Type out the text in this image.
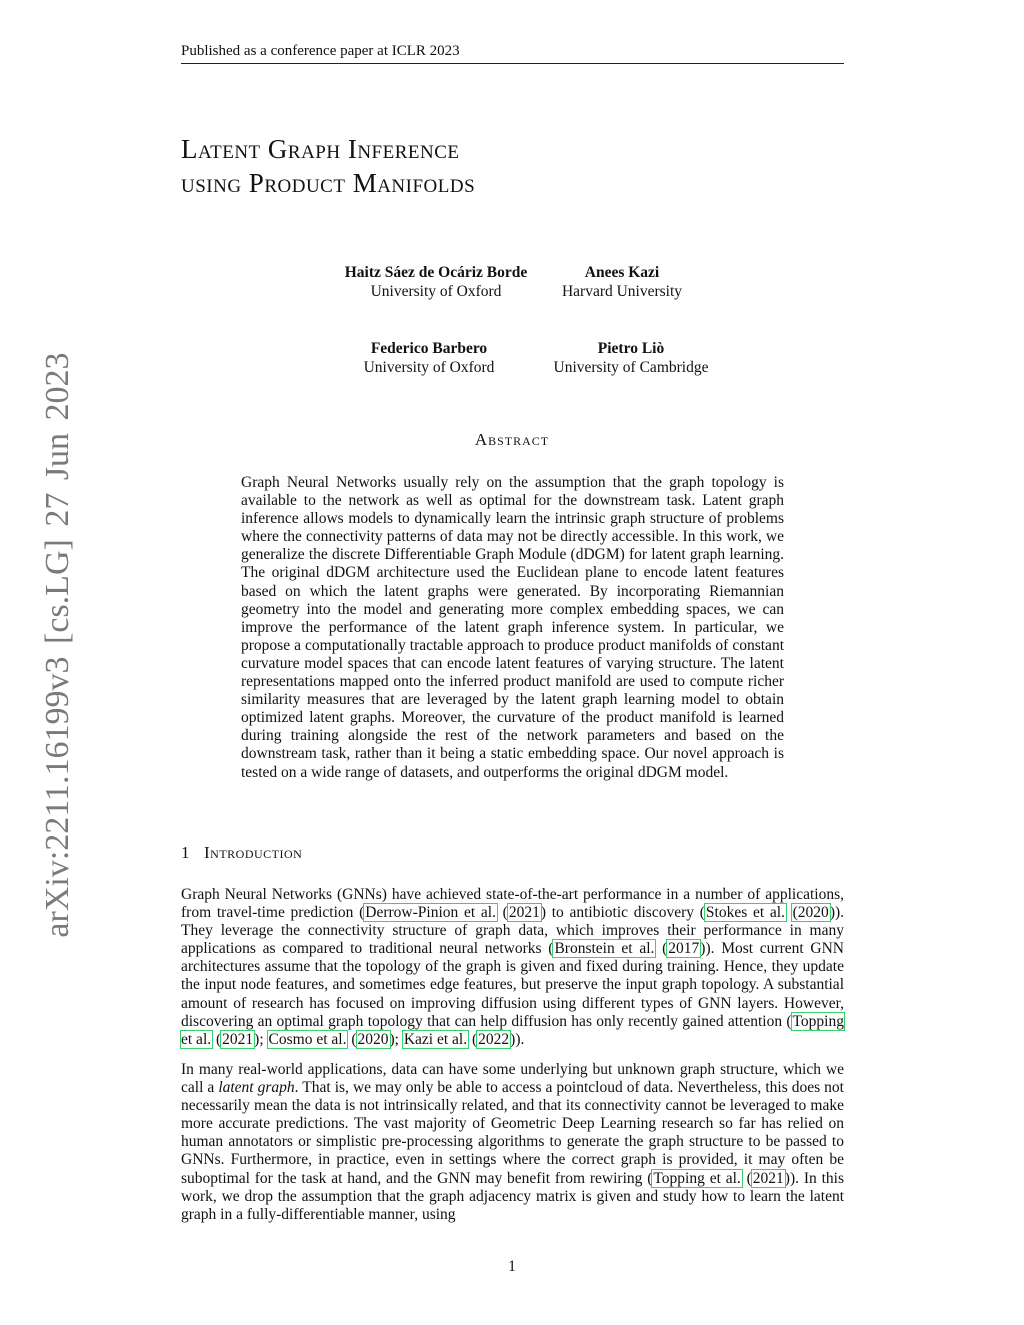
Published as a conference paper at ICLR 2023
Latent Graph Inference
using Product Manifolds
arXiv:2211.16199v3 [cs.LG] 27 Jun 2023
Haitz Sáez de Ocáriz Borde
University of Oxford
Anees Kazi
Harvard University
Federico Barbero
University of Oxford
Pietro Liò
University of Cambridge
Abstract

Graph Neural Networks usually rely on the assumption that the graph topology is available to the network as well as optimal for the downstream task. Latent graph inference allows models to dynamically learn the intrinsic graph structure of problems where the connectivity patterns of data may not be directly accessible. In this work, we generalize the discrete Differentiable Graph Module (dDGM) for latent graph learning. The original dDGM architecture used the Euclidean plane to encode latent features based on which the latent graphs were generated. By incorporating Riemannian geometry into the model and generating more complex embedding spaces, we can improve the performance of the latent graph inference system. In particular, we propose a computationally tractable approach to produce product manifolds of constant curvature model spaces that can encode latent features of varying structure. The latent representations mapped onto the inferred product manifold are used to compute richer similarity measures that are leveraged by the latent graph learning model to obtain optimized latent graphs. Moreover, the curvature of the product manifold is learned during training alongside the rest of the network parameters and based on the downstream task, rather than it being a static embedding space. Our novel approach is tested on a wide range of datasets, and outperforms the original dDGM model.

1 Introduction

Graph Neural Networks (GNNs) have achieved state-of-the-art performance in a number of applications, from travel-time prediction (Derrow-Pinion et al. (2021) to antibiotic discovery (Stokes et al. (2020)). They leverage the connectivity structure of graph data, which improves their performance in many applications as compared to traditional neural networks (Bronstein et al. (2017)). Most current GNN architectures assume that the topology of the graph is given and fixed during training. Hence, they update the input node features, and sometimes edge features, but preserve the input graph topology. A substantial amount of research has focused on improving diffusion using different types of GNN layers. However, discovering an optimal graph topology that can help diffusion has only recently gained attention (Topping et al. (2021); Cosmo et al. (2020); Kazi et al. (2022)).

In many real-world applications, data can have some underlying but unknown graph structure, which we call a latent graph. That is, we may only be able to access a pointcloud of data. Nevertheless, this does not necessarily mean the data is not intrinsically related, and that its connectivity cannot be leveraged to make more accurate predictions. The vast majority of Geometric Deep Learning research so far has relied on human annotators or simplistic pre-processing algorithms to generate the graph structure to be passed to GNNs. Furthermore, in practice, even in settings where the correct graph is provided, it may often be suboptimal for the task at hand, and the GNN may benefit from rewiring (Topping et al. (2021)). In this work, we drop the assumption that the graph adjacency matrix is given and study how to learn the latent graph in a fully-differentiable manner, using

1
